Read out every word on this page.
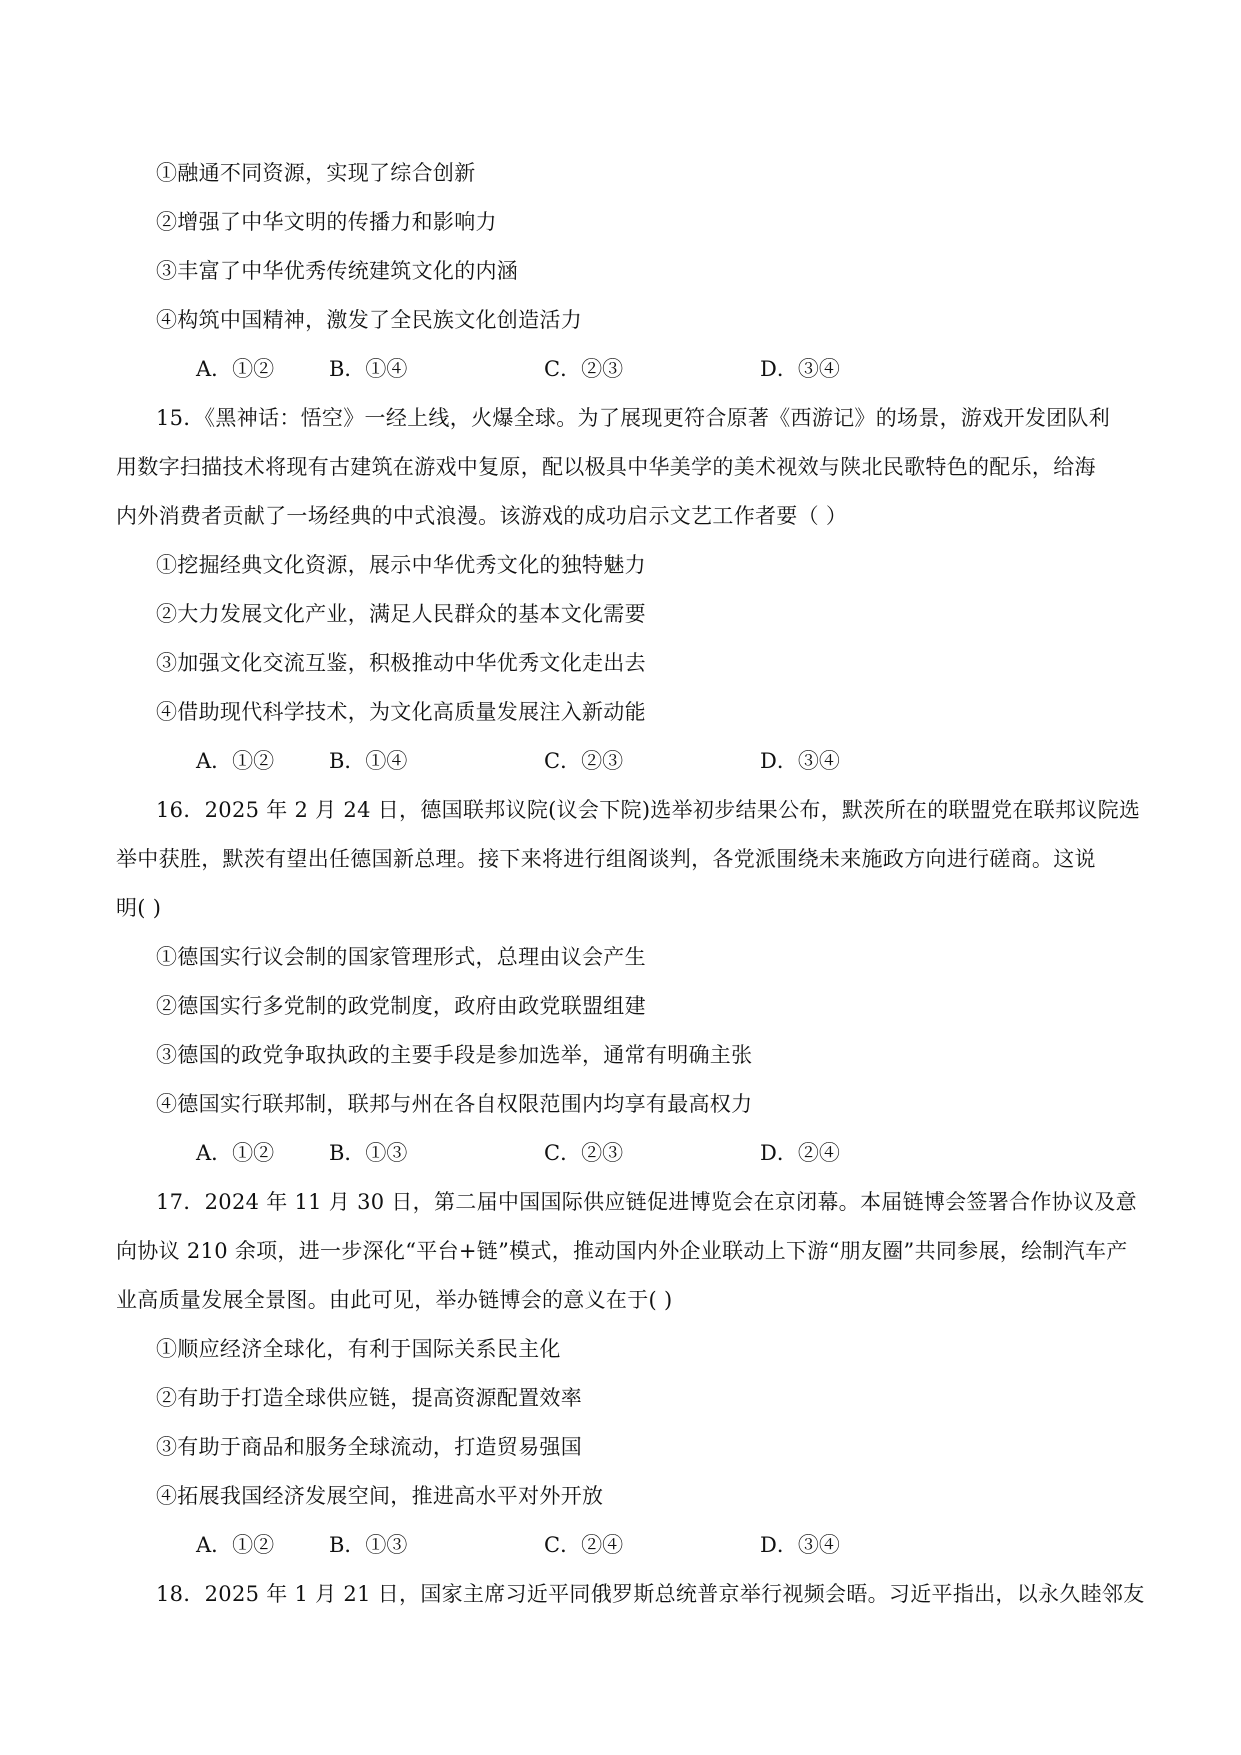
①融通不同资源，实现了综合创新
②增强了中华文明的传播力和影响力
③丰富了中华优秀传统建筑文化的内涵
④构筑中国精神，激发了全民族文化创造活力
A．①②	B．①④	C．②③	D．③④
15．《黑神话：悟空》一经上线，火爆全球。为了展现更符合原著《西游记》的场景，游戏开发团队利
用数字扫描技术将现有古建筑在游戏中复原，配以极具中华美学的美术视效与陕北民歌特色的配乐，给海
内外消费者贡献了一场经典的中式浪漫。该游戏的成功启示文艺工作者要（ ）
①挖掘经典文化资源，展示中华优秀文化的独特魅力
②大力发展文化产业，满足人民群众的基本文化需要
③加强文化交流互鉴，积极推动中华优秀文化走出去
④借助现代科学技术，为文化高质量发展注入新动能
A．①②	B．①④	C．②③	D．③④
16．2025 年 2 月 24 日，德国联邦议院(议会下院)选举初步结果公布，默茨所在的联盟党在联邦议院选
举中获胜，默茨有望出任德国新总理。接下来将进行组阁谈判，各党派围绕未来施政方向进行磋商。这说
明( )
①德国实行议会制的国家管理形式，总理由议会产生
②德国实行多党制的政党制度，政府由政党联盟组建
③德国的政党争取执政的主要手段是参加选举，通常有明确主张
④德国实行联邦制，联邦与州在各自权限范围内均享有最高权力
A．①②	B．①③	C．②③	D．②④
17．2024 年 11 月 30 日，第二届中国国际供应链促进博览会在京闭幕。本届链博会签署合作协议及意
向协议 210 余项，进一步深化“平台+链”模式，推动国内外企业联动上下游“朋友圈”共同参展，绘制汽车产
业高质量发展全景图。由此可见，举办链博会的意义在于( )
①顺应经济全球化，有利于国际关系民主化
②有助于打造全球供应链，提高资源配置效率
③有助于商品和服务全球流动，打造贸易强国
④拓展我国经济发展空间，推进高水平对外开放
A．①②	B．①③	C．②④	D．③④
18．2025 年 1 月 21 日，国家主席习近平同俄罗斯总统普京举行视频会晤。习近平指出，以永久睦邻友
